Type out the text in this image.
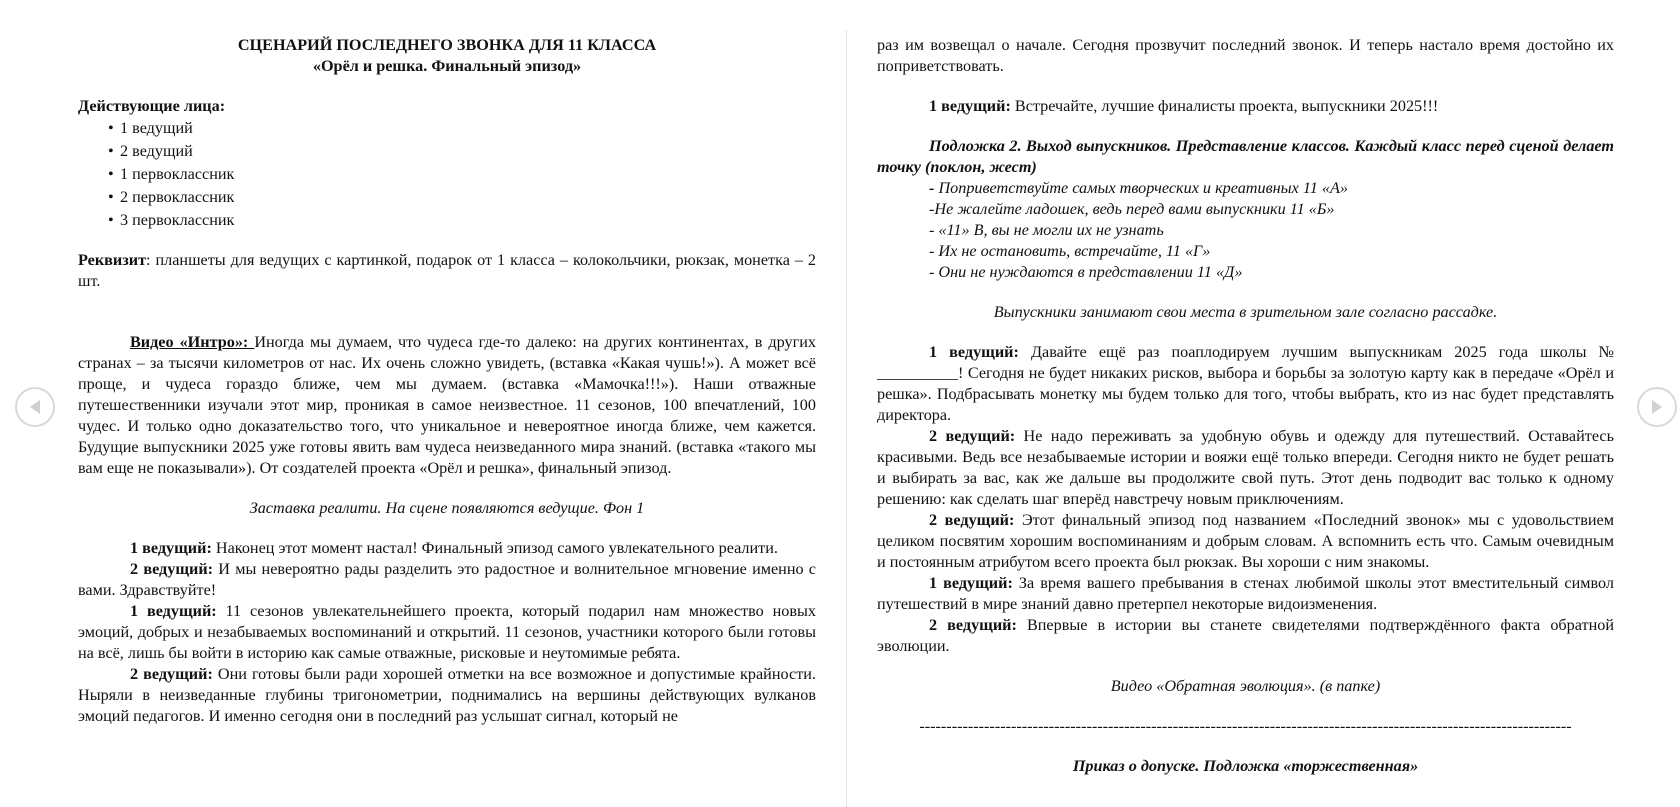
СЦЕНАРИЙ ПОСЛЕДНЕГО ЗВОНКА ДЛЯ 11 КЛАССА
«Орёл и решка. Финальный эпизод»

Действующие лица:

• 1 ведущий
• 2 ведущий
• 1 первоклассник
• 2 первоклассник
• 3 первоклассник

Реквизит: планшеты для ведущих с картинкой, подарок от 1 класса – колокольчики, рюкзак, монетка – 2 шт.

Видео «Интро»: Иногда мы думаем, что чудеса где-то далеко: на других континентах, в других странах – за тысячи километров от нас. Их очень сложно увидеть, (вставка «Какая чушь!»). А может всё проще, и чудеса гораздо ближе, чем мы думаем. (вставка «Мамочка!!!»). Наши отважные путешественники изучали этот мир, проникая в самое неизвестное. 11 сезонов, 100 впечатлений, 100 чудес. И только одно доказательство того, что уникальное и невероятное иногда ближе, чем кажется. Будущие выпускники 2025 уже готовы явить вам чудеса неизведанного мира знаний. (вставка «такого мы вам еще не показывали»). От создателей проекта «Орёл и решка», финальный эпизод.

Заставка реалити. На сцене появляются ведущие. Фон 1

1 ведущий: Наконец этот момент настал! Финальный эпизод самого увлекательного реалити.

2 ведущий: И мы невероятно рады разделить это радостное и волнительное мгновение именно с вами. Здравствуйте!

1 ведущий: 11 сезонов увлекательнейшего проекта, который подарил нам множество новых эмоций, добрых и незабываемых воспоминаний и открытий. 11 сезонов, участники которого были готовы на всё, лишь бы войти в историю как самые отважные, рисковые и неутомимые ребята.

2 ведущий: Они готовы были ради хорошей отметки на все возможное и допустимые крайности. Ныряли в неизведанные глубины тригонометрии, поднимались на вершины действующих вулканов эмоций педагогов. И именно сегодня они в последний раз услышат сигнал, который не

раз им возвещал о начале. Сегодня прозвучит последний звонок. И теперь настало время достойно их поприветствовать.

1 ведущий: Встречайте, лучшие финалисты проекта, выпускники 2025!!!

Подложка 2. Выход выпускников. Представление классов. Каждый класс перед сценой делает точку (поклон, жест)

- Поприветствуйте самых творческих и креативных 11 «А»

-Не жалейте ладошек, ведь перед вами выпускники 11 «Б»

- «11» В, вы не могли их не узнать

- Их не остановить, встречайте, 11 «Г»

- Они не нуждаются в представлении 11 «Д»

Выпускники занимают свои места в зрительном зале согласно рассадке.

1 ведущий: Давайте ещё раз поаплодируем лучшим выпускникам 2025 года школы № __________! Сегодня не будет никаких рисков, выбора и борьбы за золотую карту как в передаче «Орёл и решка». Подбрасывать монетку мы будем только для того, чтобы выбрать, кто из нас будет представлять директора.

2 ведущий: Не надо переживать за удобную обувь и одежду для путешествий. Оставайтесь красивыми. Ведь все незабываемые истории и вояжи ещё только впереди. Сегодня никто не будет решать и выбирать за вас, как же дальше вы продолжите свой путь. Этот день подводит вас только к одному решению: как сделать шаг вперёд навстречу новым приключениям.

2 ведущий: Этот финальный эпизод под названием «Последний звонок» мы с удовольствием целиком посвятим хорошим воспоминаниям и добрым словам. А вспомнить есть что. Самым очевидным и постоянным атрибутом всего проекта был рюкзак. Вы хороши с ним знакомы.

1 ведущий: За время вашего пребывания в стенах любимой школы этот вместительный символ путешествий в мире знаний давно претерпел некоторые видоизменения.

2 ведущий: Впервые в истории вы станете свидетелями подтверждённого факта обратной эволюции.

Видео «Обратная эволюция». (в папке)

-------------------------------------------------------------------------------------------------------------------------

Приказ о допуске. Подложка «торжественная»
